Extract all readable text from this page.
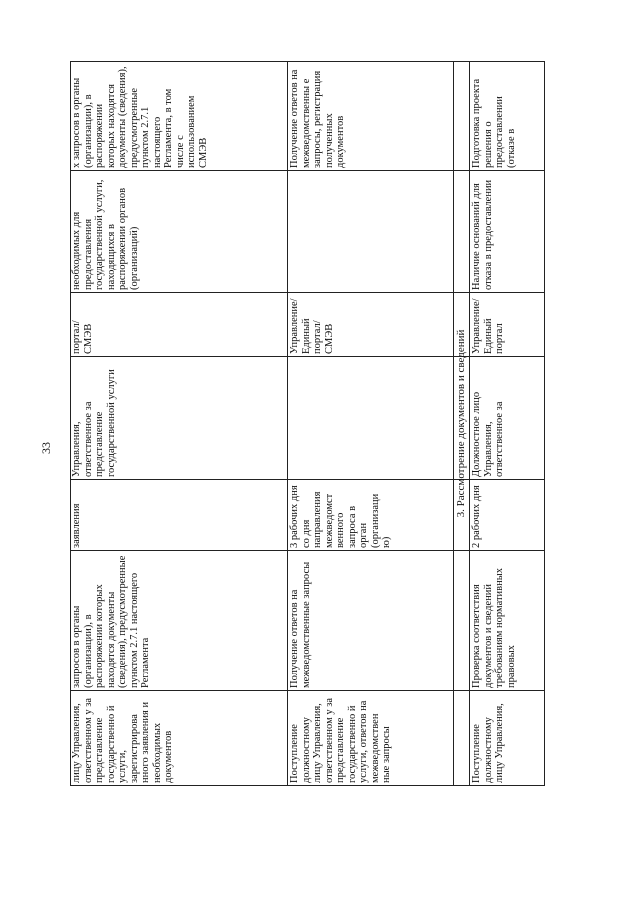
33
лицу Управления, ответственном у за представление государственно й услуги, зарегистрирова нного заявления и необходимых документов
запросов в органы (организации), в распоряжении которых находятся документы (сведения), предусмотренные пунктом 2.7.1 настоящего Регламента
заявления
Управления, ответственное за представление государственной услуги
портал/ СМЭВ
необходимых для предоставления государственной услуги, находящихся в распоряжении органов (организаций)
х запросов в органы (организации), в распоряжении которых находятся документы (сведения), предусмотренные пунктом 2.7.1 настоящего Регламента, в том числе с использованием СМЭВ
Поступление должностному лицу Управления, ответственном у за представление государственно й услуги, ответов на межведомствен ные запросы
Получение ответов на межведомственные запросы
3 рабочих дня со дня направления межведомст венного запроса в орган (организаци ю)
Управление/ Единый портал/ СМЭВ
Получение ответов на межведомственны е запросы, регистрация полученных документов
3. Рассмотрение документов и сведений
Поступление должностному лицу Управления,
Проверка соответствия документов и сведений требованиям нормативных правовых
2 рабочих дня
Должностное лицо Управления, ответственное за
Управление/ Единый портал
Наличие оснований для отказа в предоставлении
Подготовка проекта решения о предоставлении (отказе в
